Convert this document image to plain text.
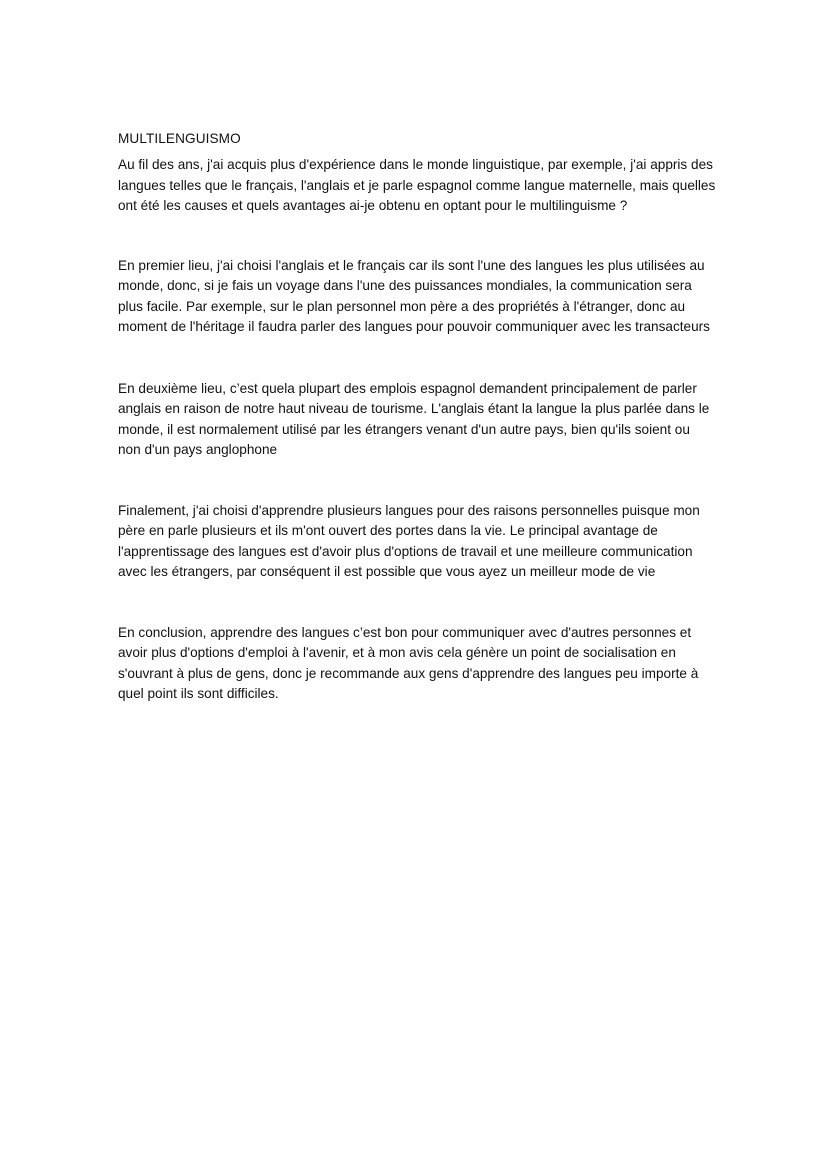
MULTILENGUISMO

Au fil des ans, j'ai acquis plus d'expérience dans le monde linguistique, par exemple, j'ai appris des langues telles que le français, l'anglais et je parle espagnol comme langue maternelle, mais quelles ont été les causes et quels avantages ai-je obtenu en optant pour le multilinguisme ?

En premier lieu, j'ai choisi l'anglais et le français car ils sont l'une des langues les plus utilisées au monde, donc, si je fais un voyage dans l'une des puissances mondiales, la communication sera plus facile. Par exemple, sur le plan personnel mon père a des propriétés à l'étranger, donc au moment de l'héritage il faudra parler des langues pour pouvoir communiquer avec les transacteurs

En deuxième lieu, c’est quela plupart des emplois espagnol demandent principalement de parler anglais en raison de notre haut niveau de tourisme. L'anglais étant la langue la plus parlée dans le monde, il est normalement utilisé par les étrangers venant d'un autre pays, bien qu'ils soient ou non d'un pays anglophone

Finalement, j'ai choisi d'apprendre plusieurs langues pour des raisons personnelles puisque mon père en parle plusieurs et ils m'ont ouvert des portes dans la vie. Le principal avantage de l'apprentissage des langues est d'avoir plus d'options de travail et une meilleure communication avec les étrangers, par conséquent il est possible que vous ayez un meilleur mode de vie

En conclusion, apprendre des langues c’est bon pour communiquer avec d'autres personnes et avoir plus d'options d'emploi à l'avenir, et à mon avis cela génère un point de socialisation en s'ouvrant à plus de gens, donc je recommande aux gens d'apprendre des langues peu importe à quel point ils sont difficiles.
